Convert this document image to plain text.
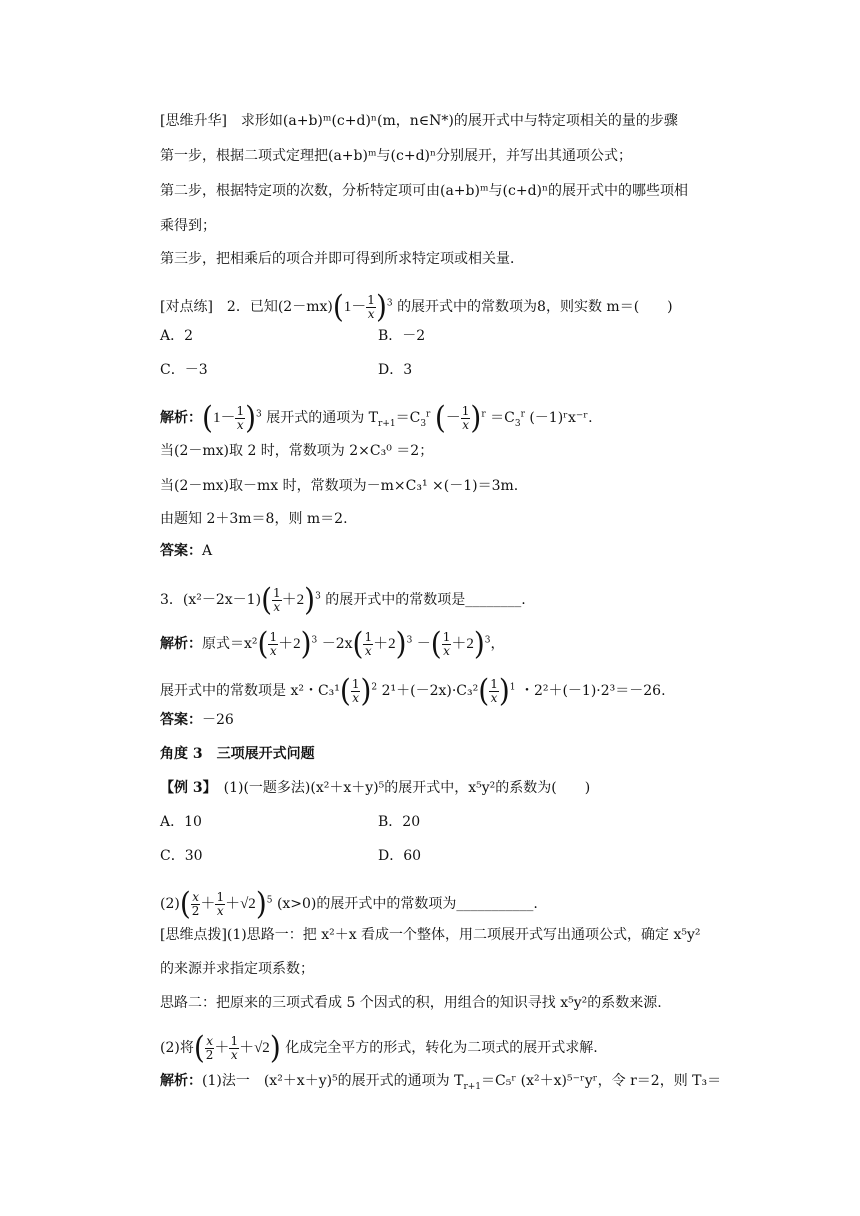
[思维升华]　求形如(a+b)ᵐ(c+d)ⁿ(m，n∈N*)的展开式中与特定项相关的量的步骤
第一步，根据二项式定理把(a+b)ᵐ与(c+d)ⁿ分别展开，并写出其通项公式；
第二步，根据特定项的次数，分析特定项可由(a+b)ᵐ与(c+d)ⁿ的展开式中的哪些项相
乘得到；
第三步，把相乘后的项合并即可得到所求特定项或相关量．
[对点练]　2．已知$(2-mx)(1- \frac{1}{x} )^3$ 的展开式中的常数项为8，则实数 m＝(　　)
A．2	B．－2
C．－3	D．3
解析：$(1- \frac{1}{x} )^3$ 展开式的通项为 $T_{r+1}=C_3^r$ (－ $\frac{1}{x} )^r =C_3^r$ (－1)ʳx⁻ʳ.
当(2－mx)取 2 时，常数项为 2×C₃⁰ ＝2；
当(2－mx)取－mx 时，常数项为－m×C₃¹ ×(－1)＝3m.
由题知 2＋3m＝8，则 m＝2.
答案：A
3．$(x^2-2x-1)( \frac{1}{x} +2)^3$ 的展开式中的常数项是________.
解析：原式$=x^2( \frac{1}{x} +2)^3 -2x( \frac{1}{x} +2)^3$ －( $\frac{1}{x} +2)^3$，
展开式中的常数项是 x²・$C_3^1( \frac{1}{x} )^2$ $2^1+(-2x)\cdot C_3^2( \frac{1}{x} )^1$ ・2²＋(－1)·2³＝－26.
答案：－26
角度 3　三项展开式问题
【例 3】　(1)(一题多法)(x²＋x＋y)⁵的展开式中，x⁵y²的系数为(　　)
A．10	B．20
C．30	D．60
$(2)( \frac{x}{2} + \frac{1}{x} +√2)^5$ (x>0)的展开式中的常数项为___________.
[思维点拨](1)思路一：把 x²＋x 看成一个整体，用二项展开式写出通项公式，确定 x⁵y²
的来源并求指定项系数；
思路二：把原来的三项式看成 5 个因式的积，用组合的知识寻找 x⁵y²的系数来源.
(2)将( $\frac{x}{2} + \frac{1}{x} +√2$) 化成完全平方的形式，转化为二项式的展开式求解.
解析：(1)法一　(x²＋x＋y)⁵的展开式的通项为 $T_{r+1}=C_5ʳ$ (x²＋x)⁵⁻ʳyʳ，令 r＝2，则 T₃＝
